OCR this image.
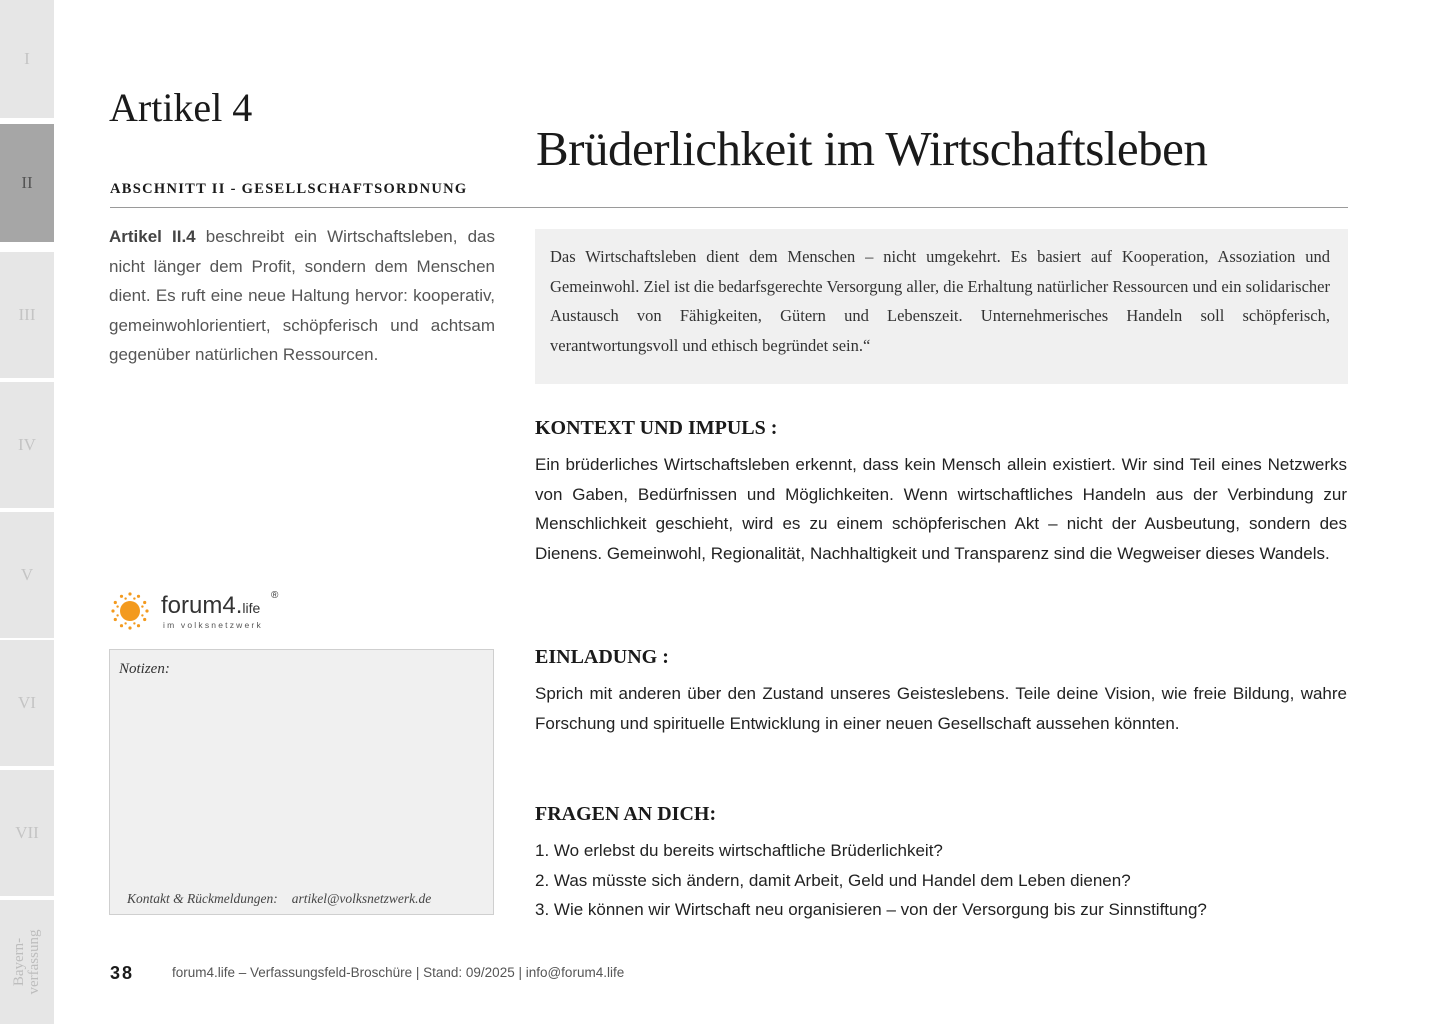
I
II
III
IV
V
VI
VII
Bayern- verfassung
Artikel 4
Brüderlichkeit im Wirtschaftsleben
ABSCHNITT II - GESELLSCHAFTSORDNUNG

Artikel II.4 beschreibt ein Wirtschaftsleben, das nicht länger dem Profit, sondern dem Menschen dient. Es ruft eine neue Haltung hervor: kooperativ, gemeinwohlorientiert, schöpferisch und achtsam gegenüber natürlichen Ressourcen.

forum4.life
®
im volksnetzwerk
Notizen:
Kontakt & Rückmeldungen: artikel@volksnetzwerk.de

Das Wirtschaftsleben dient dem Menschen – nicht umgekehrt. Es basiert auf Kooperation, Assoziation und Gemeinwohl. Ziel ist die bedarfsgerechte Versorgung aller, die Erhaltung natürlicher Ressourcen und ein solidarischer Austausch von Fähigkeiten, Gütern und Lebenszeit. Unternehmerisches Handeln soll schöpferisch, verantwortungsvoll und ethisch begründet sein.“

KONTEXT UND IMPULS :

Ein brüderliches Wirtschaftsleben erkennt, dass kein Mensch allein existiert. Wir sind Teil eines Netzwerks von Gaben, Bedürfnissen und Möglichkeiten. Wenn wirtschaftliches Handeln aus der Verbindung zur Menschlichkeit geschieht, wird es zu einem schöpferischen Akt – nicht der Ausbeutung, sondern des Dienens. Gemeinwohl, Regionalität, Nachhaltigkeit und Transparenz sind die Wegweiser dieses Wandels.

EINLADUNG :

Sprich mit anderen über den Zustand unseres Geisteslebens. Teile deine Vision, wie freie Bildung, wahre Forschung und spirituelle Entwicklung in einer neuen Gesellschaft aussehen könnten.

FRAGEN AN DICH:
1. Wo erlebst du bereits wirtschaftliche Brüderlichkeit?
2. Was müsste sich ändern, damit Arbeit, Geld und Handel dem Leben dienen?
3. Wie können wir Wirtschaft neu organisieren – von der Versorgung bis zur Sinnstiftung?
38	forum4.life – Verfassungsfeld-Broschüre | Stand: 09/2025 | info@forum4.life
